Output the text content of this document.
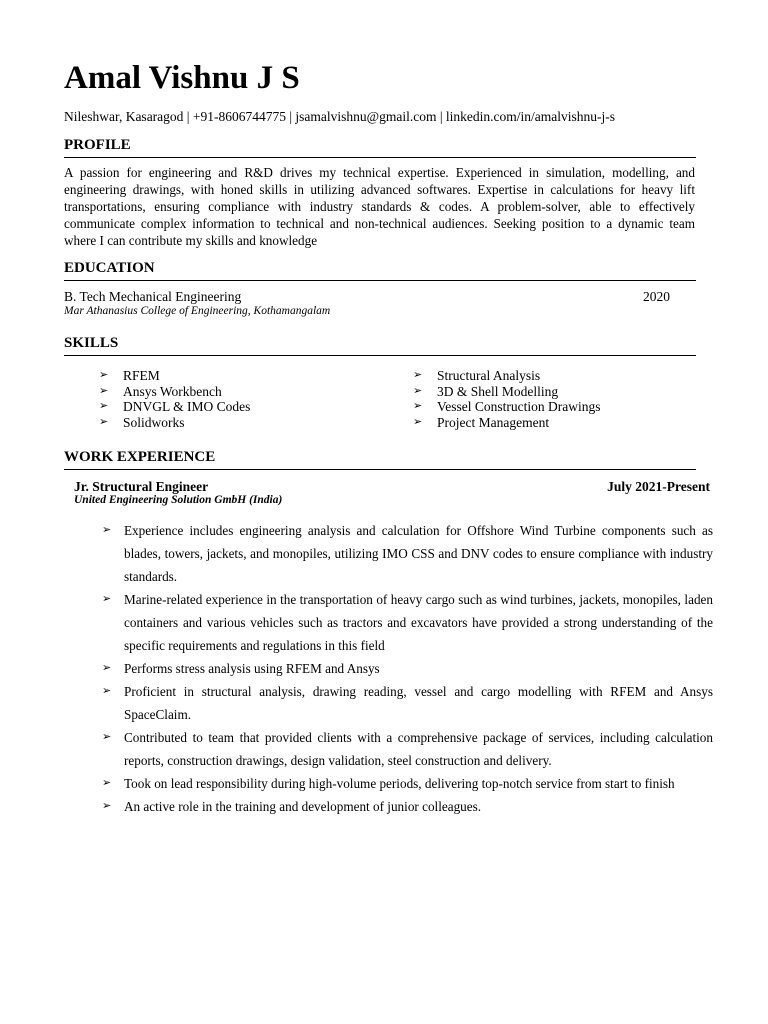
Amal Vishnu J S
Nileshwar, Kasaragod | +91-8606744775 | jsamalvishnu@gmail.com | linkedin.com/in/amalvishnu-j-s
PROFILE
A passion for engineering and R&D drives my technical expertise. Experienced in simulation, modelling, and engineering drawings, with honed skills in utilizing advanced softwares. Expertise in calculations for heavy lift transportations, ensuring compliance with industry standards & codes. A problem-solver, able to effectively communicate complex information to technical and non-technical audiences. Seeking position to a dynamic team where I can contribute my skills and knowledge
EDUCATION
B. Tech Mechanical Engineering	2020
Mar Athanasius College of Engineering, Kothamangalam
SKILLS
➢ RFEM
➢ Ansys Workbench
➢ DNVGL & IMO Codes
➢ Solidworks
➢ Structural Analysis
➢ 3D & Shell Modelling
➢ Vessel Construction Drawings
➢ Project Management
WORK EXPERIENCE
Jr. Structural Engineer	July 2021-Present
United Engineering Solution GmbH (India)
➢ Experience includes engineering analysis and calculation for Offshore Wind Turbine components such as blades, towers, jackets, and monopiles, utilizing IMO CSS and DNV codes to ensure compliance with industry standards.
➢ Marine-related experience in the transportation of heavy cargo such as wind turbines, jackets, monopiles, laden containers and various vehicles such as tractors and excavators have provided a strong understanding of the specific requirements and regulations in this field
➢ Performs stress analysis using RFEM and Ansys
➢ Proficient in structural analysis, drawing reading, vessel and cargo modelling with RFEM and Ansys SpaceClaim.
➢ Contributed to team that provided clients with a comprehensive package of services, including calculation reports, construction drawings, design validation, steel construction and delivery.
➢ Took on lead responsibility during high-volume periods, delivering top-notch service from start to finish
➢ An active role in the training and development of junior colleagues.
